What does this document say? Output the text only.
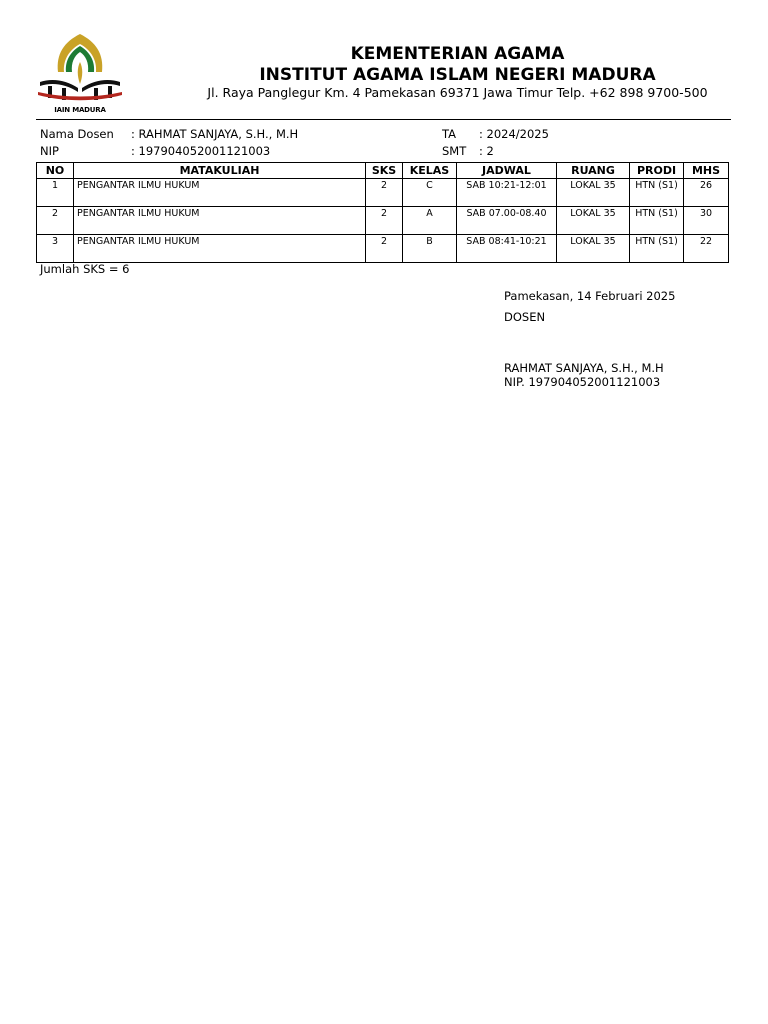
IAIN MADURA
KEMENTERIAN AGAMA
INSTITUT AGAMA ISLAM NEGERI MADURA
Jl. Raya Panglegur Km. 4 Pamekasan 69371 Jawa Timur Telp. +62 898 9700-500
Nama Dosen : RAHMAT SANJAYA, S.H., M.H
NIP	: 197904052001121003
TA : 2024/2025
SMT : 2
NO	MATAKULIAH	SKS	KELAS	JADWAL	RUANG	PRODI	MHS
1	PENGANTAR ILMU HUKUM	2	C	SAB 10:21-12:01	LOKAL 35	HTN (S1)	26
2	PENGANTAR ILMU HUKUM	2	A	SAB 07.00-08.40	LOKAL 35	HTN (S1)	30
3	PENGANTAR ILMU HUKUM	2	B	SAB 08:41-10:21	LOKAL 35	HTN (S1)	22
Jumlah SKS = 6
Pamekasan, 14 Februari 2025
DOSEN
RAHMAT SANJAYA, S.H., M.H
NIP. 197904052001121003
